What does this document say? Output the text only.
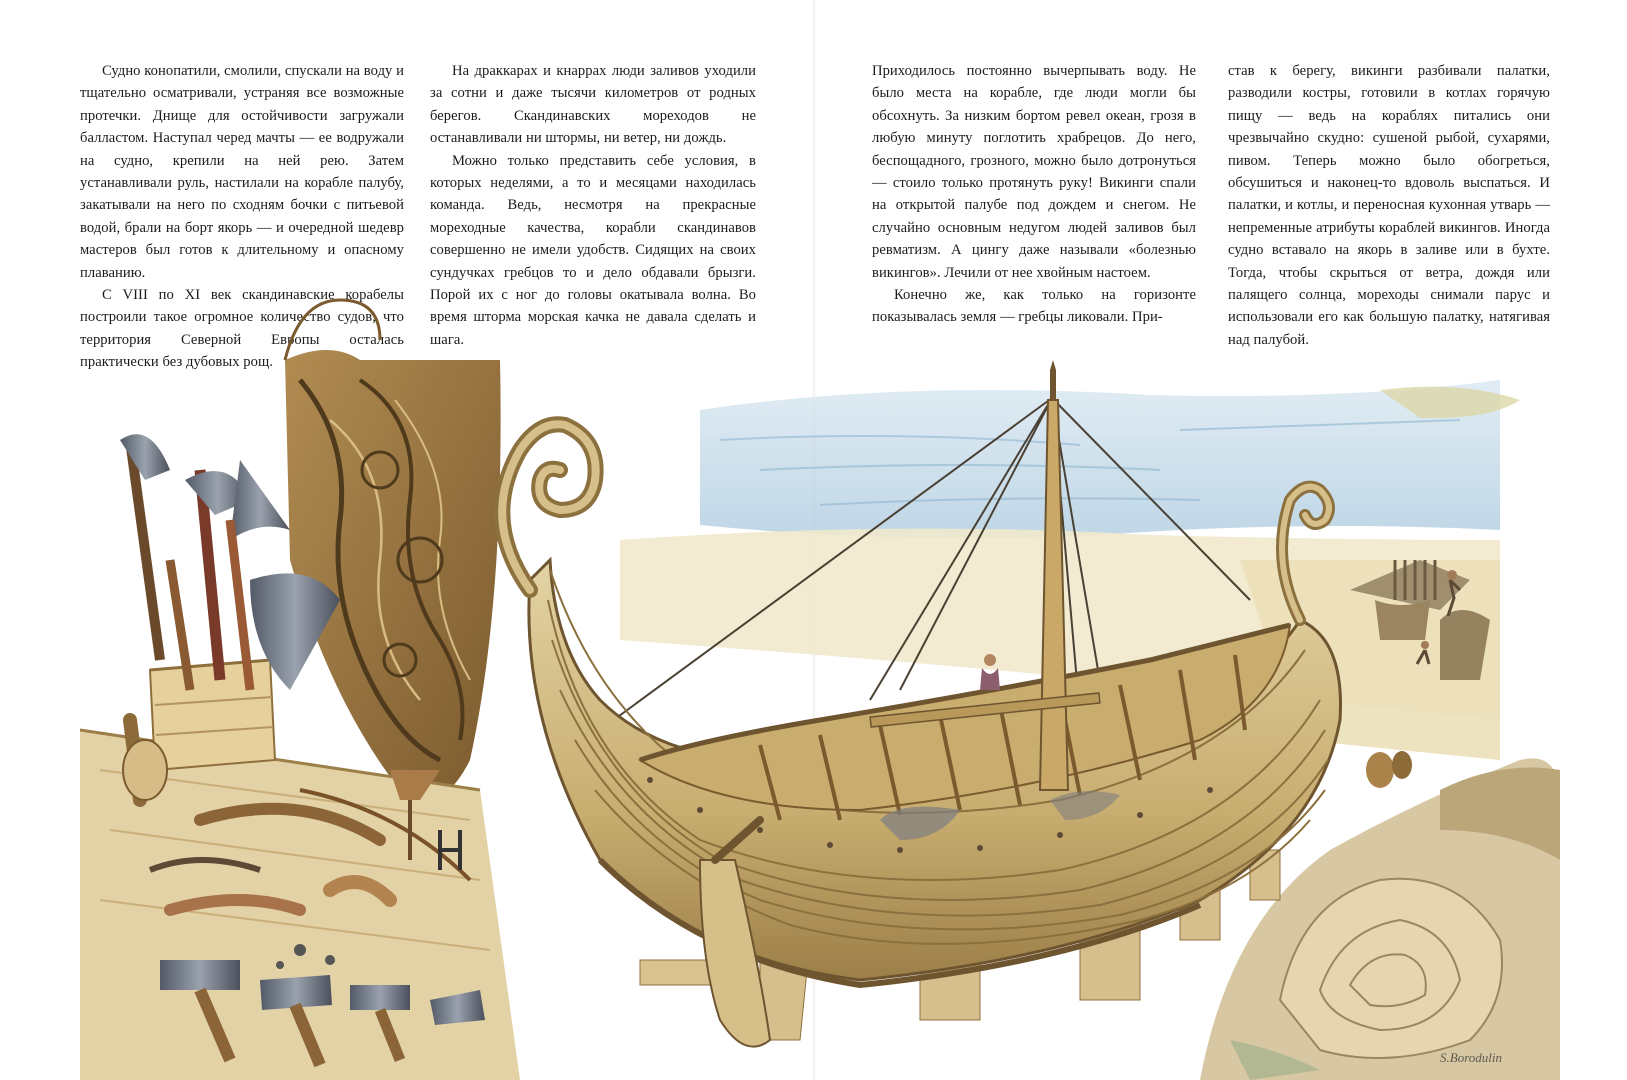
Судно конопатили, смолили, спускали на воду и тщательно осматривали, устраняя все возможные протечки. Днище для остойчивости загружали балластом. Наступал черед мачты — ее водружали на судно, крепили на ней рею. Затем устанавливали руль, настилали на корабле палубу, закатывали на него по сходням бочки с питьевой водой, брали на борт якорь — и очередной шедевр мастеров был готов к длительному и опасному плаванию.

С VIII по XI век скандинавские корабелы построили такое огромное количество судов, что территория Северной Европы осталась практически без дубовых рощ.

На драккарах и кнаррах люди заливов уходили за сотни и даже тысячи километров от родных берегов. Скандинавских мореходов не останавливали ни штормы, ни ветер, ни дождь.

Можно только представить себе условия, в которых неделями, а то и месяцами находилась команда. Ведь, несмотря на прекрасные мореходные качества, корабли скандинавов совершенно не имели удобств. Сидящих на своих сундучках гребцов то и дело обдавали брызги. Порой их с ног до головы окатывала волна. Во время шторма морская качка не давала сделать и шага.

Приходилось постоянно вычерпывать воду. Не было места на корабле, где люди могли бы обсохнуть. За низким бортом ревел океан, грозя в любую минуту поглотить храбрецов. До него, беспощадного, грозного, можно было дотронуться — стоило только протянуть руку! Викинги спали на открытой палубе под дождем и снегом. Не случайно основным недугом людей заливов был ревматизм. А цингу даже называли «болезнью викингов». Лечили от нее хвойным настоем.

Конечно же, как только на горизонте показывалась земля — гребцы ликовали. При-

став к берегу, викинги разбивали палатки, разводили костры, готовили в котлах горячую пищу — ведь на кораблях питались они чрезвычайно скудно: сушеной рыбой, сухарями, пивом. Теперь можно было обогреться, обсушиться и наконец-то вдоволь выспаться. И палатки, и котлы, и переносная кухонная утварь — непременные атрибуты кораблей викингов. Иногда судно вставало на якорь в заливе или в бухте. Тогда, чтобы скрыться от ветра, дождя или палящего солнца, мореходы снимали парус и использовали его как большую палатку, натягивая над палубой.

S.Borodulin
